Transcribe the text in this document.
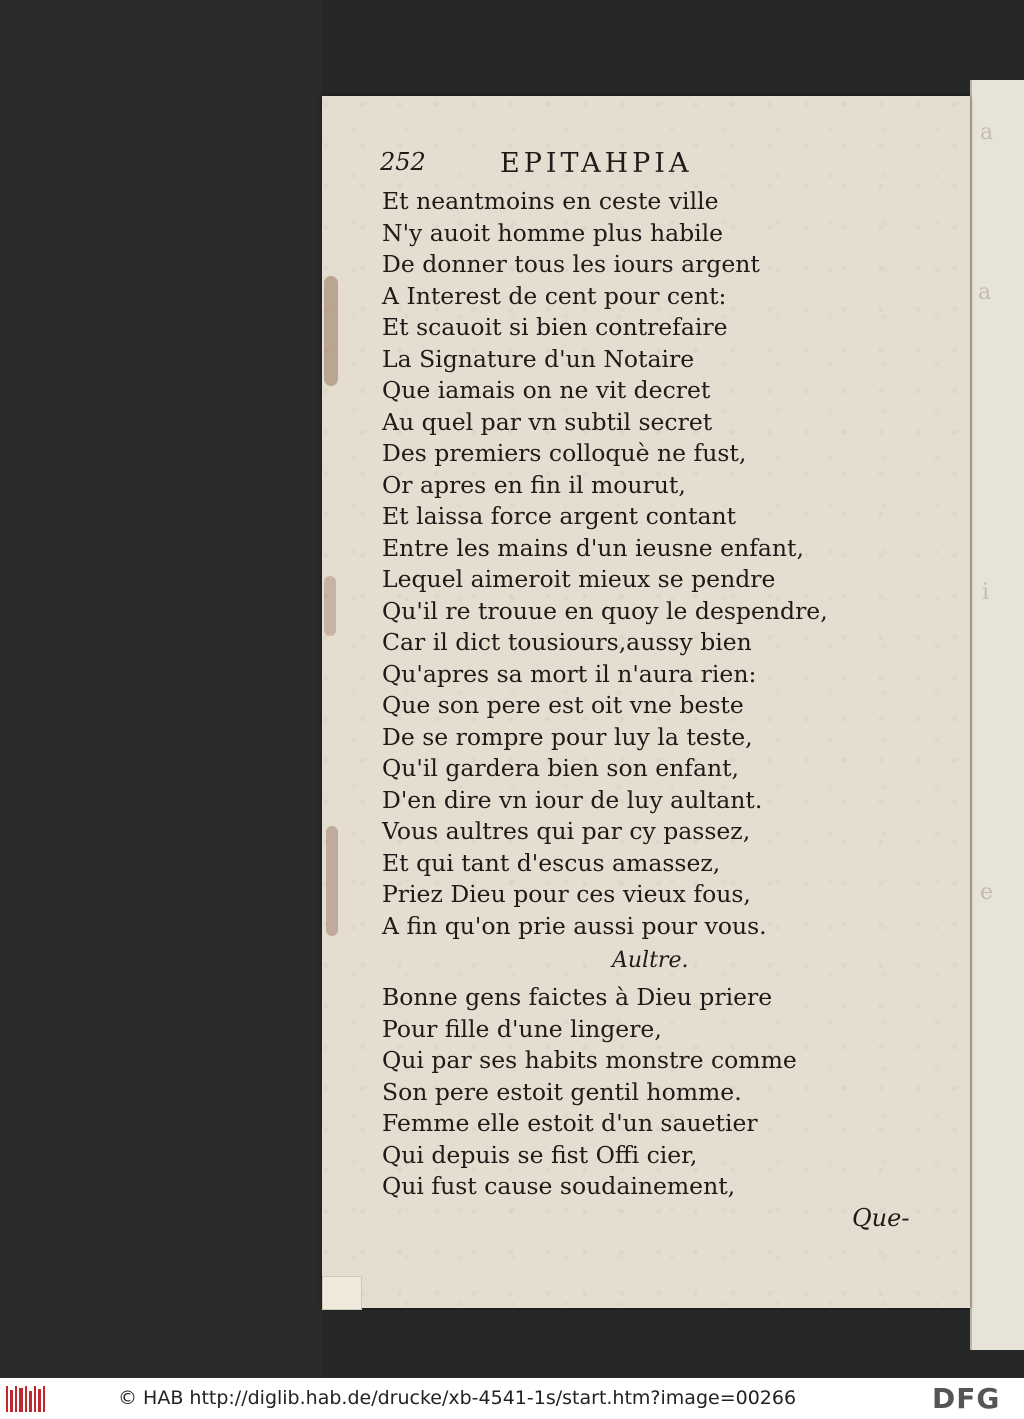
a
a
i
e
252	EPITAHPIA
Et neantmoins en ceste ville
N'y auoit homme plus habile
De donner tous les iours argent
A Interest de cent pour cent:
Et scauoit si bien contrefaire
La Signature d'un Notaire
Que iamais on ne vit decret
Au quel par vn subtil secret
Des premiers colloquè ne fust,
Or apres en fin il mourut,
Et laissa force argent contant
Entre les mains d'un ieusne enfant,
Lequel aimeroit mieux se pendre
Qu'il re trouue en quoy le despendre,
Car il dict tousiours,aussy bien
Qu'apres sa mort il n'aura rien:
Que son pere est oit vne beste
De se rompre pour luy la teste,
Qu'il gardera bien son enfant,
D'en dire vn iour de luy aultant.
Vous aultres qui par cy passez,
Et qui tant d'escus amassez,
Priez Dieu pour ces vieux fous,
A fin qu'on prie aussi pour vous.
Aultre.
Bonne gens faictes à Dieu priere
Pour fille d'une lingere,
Qui par ses habits monstre comme
Son pere estoit gentil homme.
Femme elle estoit d'un sauetier
Qui depuis se fist Offi cier,
Qui fust cause soudainement,
Que-
© HAB http://diglib.hab.de/drucke/xb-4541-1s/start.htm?image=00266	DFG
